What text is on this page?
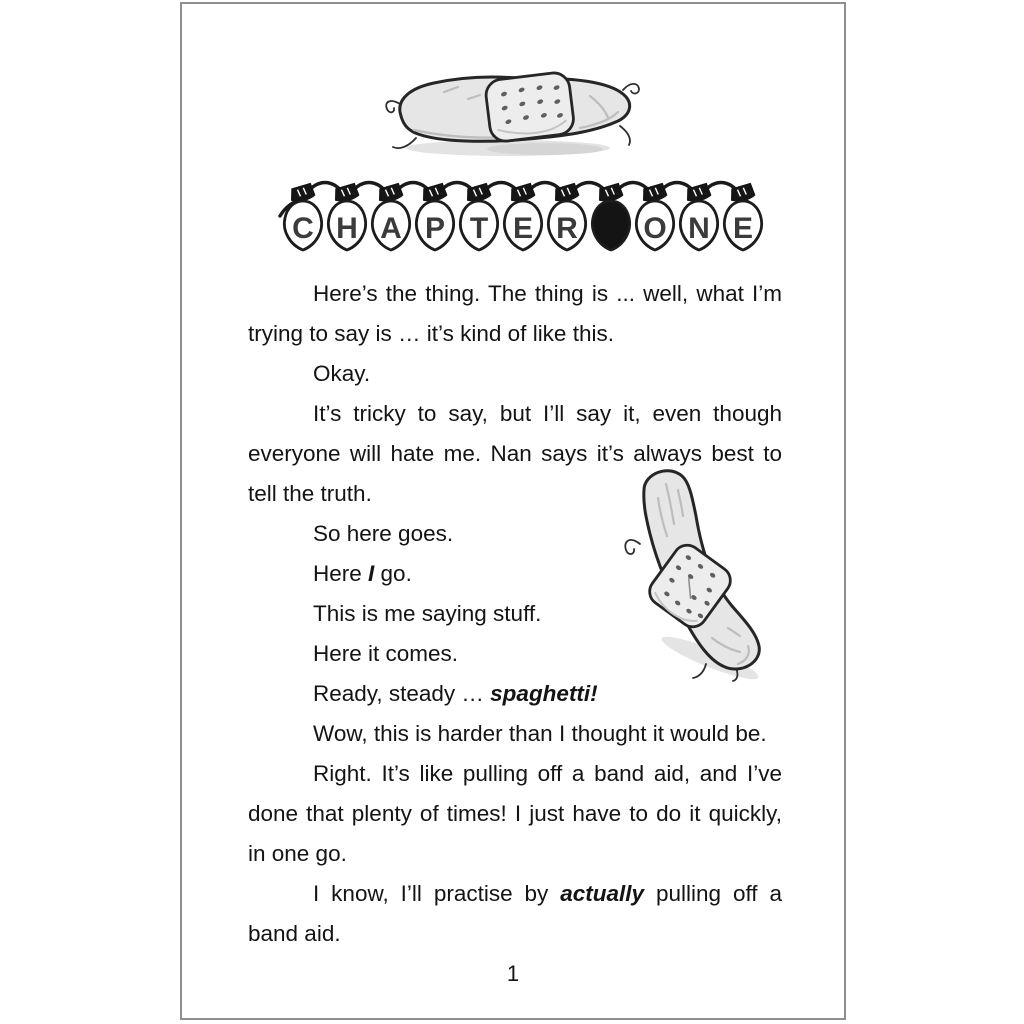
C H A P T E R O N E

Here’s the thing. The thing is ... well, what I’m trying to say is … it’s kind of like this.

Okay.

It’s tricky to say, but I’ll say it, even though everyone will hate me. Nan says it’s always best to tell the truth.

So here goes.

Here I go.

This is me saying stuff.

Here it comes.

Ready, steady … spaghetti!

Wow, this is harder than I thought it would be.

Right. It’s like pulling off a band aid, and I’ve done that plenty of times! I just have to do it quickly, in one go.

I know, I’ll practise by actually pulling off a band aid.

1
